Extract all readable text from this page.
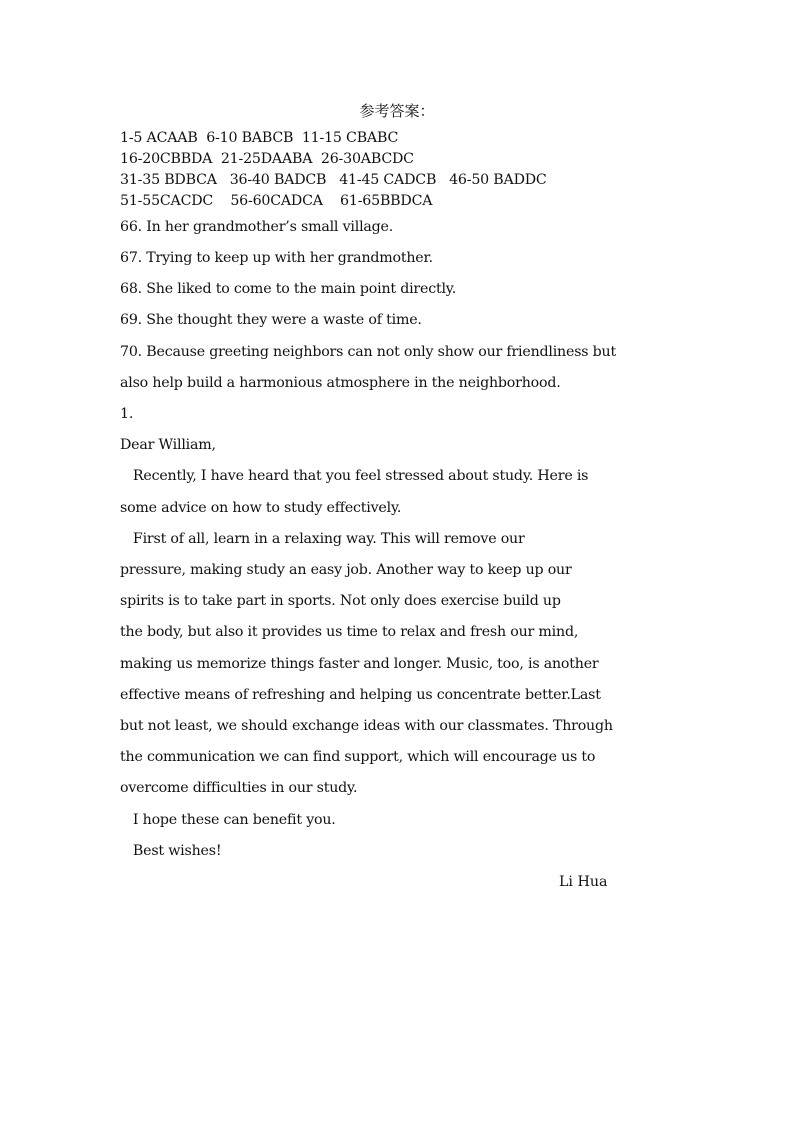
参考答案：
1-5 ACAAB  6-10 BABCB  11-15 CBABC
16-20CBBDA  21-25DAABA  26-30ABCDC
31-35 BDBCA   36-40 BADCB   41-45 CADCB   46-50 BADDC
51-55CACDC    56-60CADCA    61-65BBDCA
66. In her grandmother’s small village.
67. Trying to keep up with her grandmother.
68. She liked to come to the main point directly.
69. She thought they were a waste of time.
70. Because greeting neighbors can not only show our friendliness but
also help build a harmonious atmosphere in the neighborhood.
1.
Dear William,
Recently, I have heard that you feel stressed about study. Here is
some advice on how to study effectively.
First of all, learn in a relaxing way. This will remove our
pressure, making study an easy job. Another way to keep up our
spirits is to take part in sports. Not only does exercise build up
the body, but also it provides us time to relax and fresh our mind,
making us memorize things faster and longer. Music, too, is another
effective means of refreshing and helping us concentrate better.Last
but not least, we should exchange ideas with our classmates. Through
the communication we can find support, which will encourage us to
overcome difficulties in our study.
I hope these can benefit you.
Best wishes!
Li Hua
